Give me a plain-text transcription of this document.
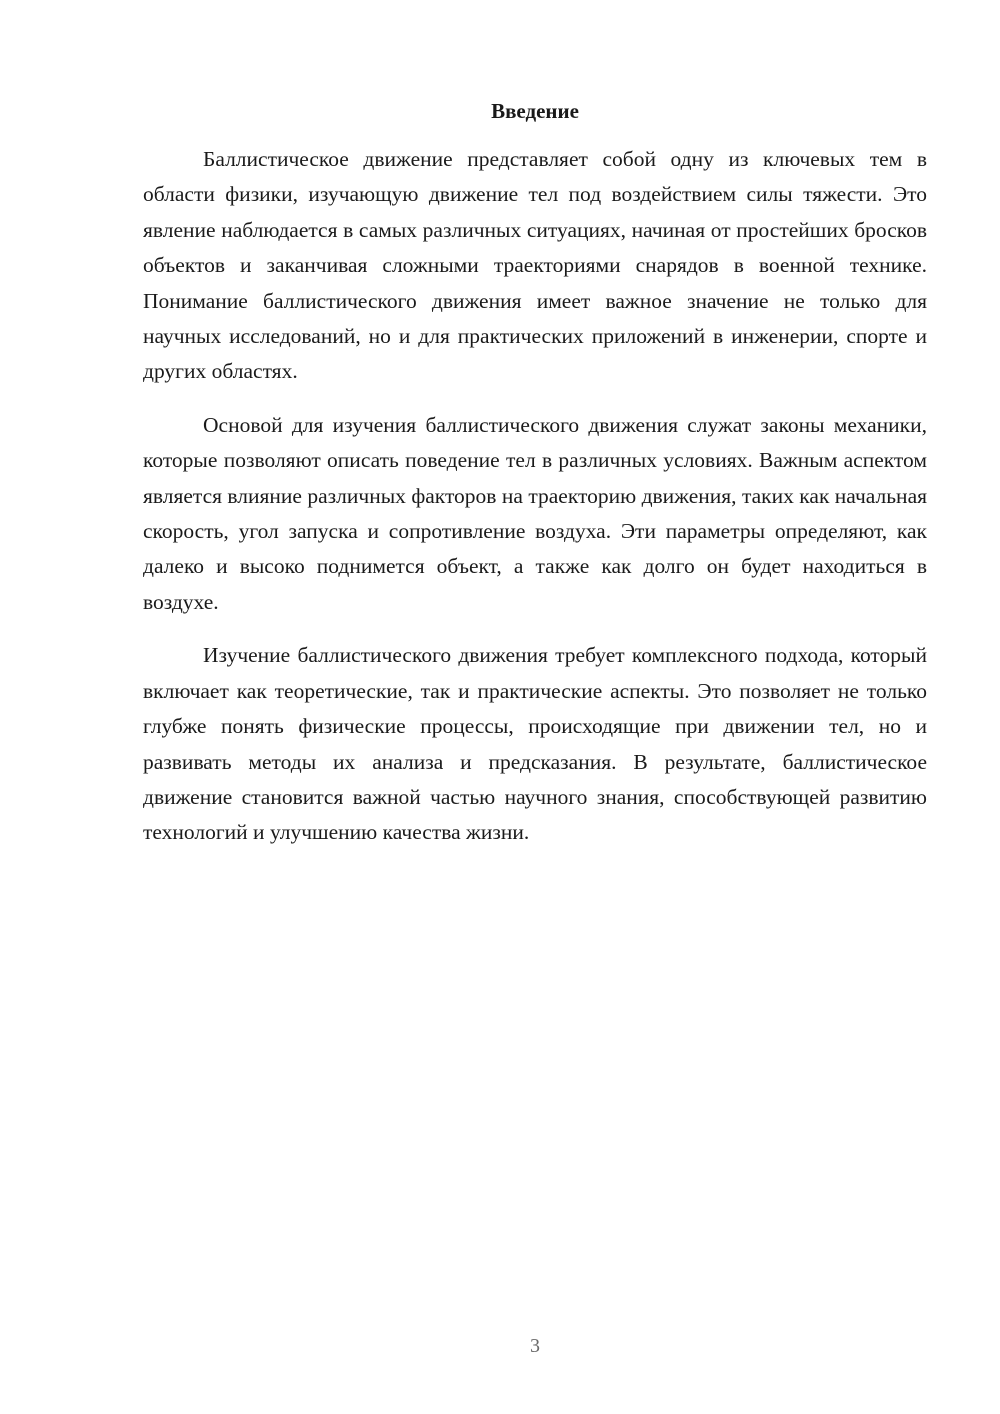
Введение

Баллистическое движение представляет собой одну из ключевых тем в области физики, изучающую движение тел под воздействием силы тяжести. Это явление наблюдается в самых различных ситуациях, начиная от простейших бросков объектов и заканчивая сложными траекториями снарядов в военной технике. Понимание баллистического движения имеет важное значение не только для научных исследований, но и для практических приложений в инженерии, спорте и других областях.

Основой для изучения баллистического движения служат законы механики, которые позволяют описать поведение тел в различных условиях. Важным аспектом является влияние различных факторов на траекторию движения, таких как начальная скорость, угол запуска и сопротивление воздуха. Эти параметры определяют, как далеко и высоко поднимется объект, а также как долго он будет находиться в воздухе.

Изучение баллистического движения требует комплексного подхода, который включает как теоретические, так и практические аспекты. Это позволяет не только глубже понять физические процессы, происходящие при движении тел, но и развивать методы их анализа и предсказания. В результате, баллистическое движение становится важной частью научного знания, способствующей развитию технологий и улучшению качества жизни.

3
